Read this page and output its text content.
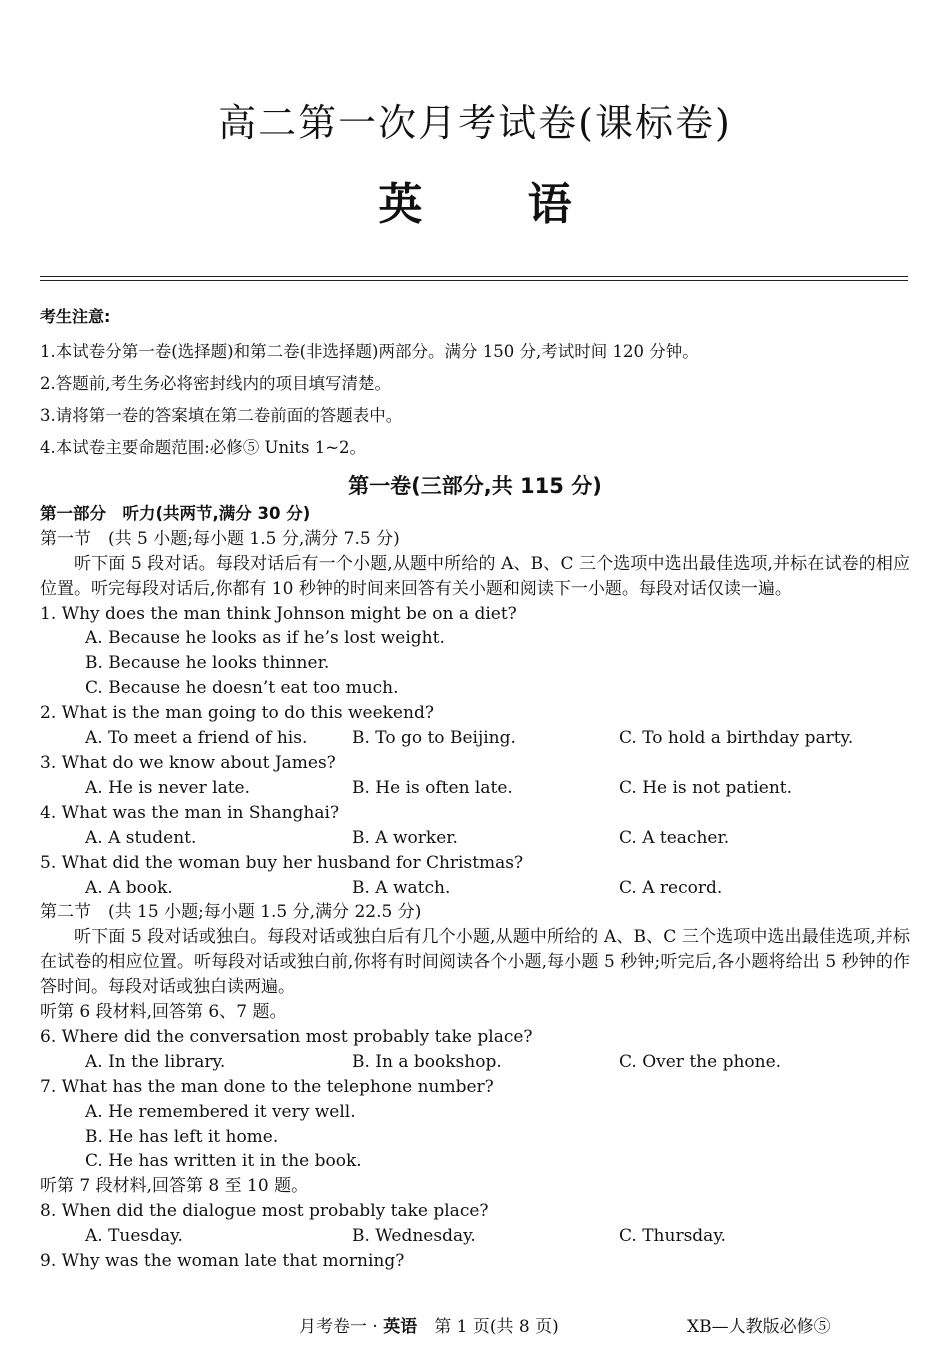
高二第一次月考试卷(课标卷)
英 语
考生注意:
1.本试卷分第一卷(选择题)和第二卷(非选择题)两部分。满分 150 分,考试时间 120 分钟。
2.答题前,考生务必将密封线内的项目填写清楚。
3.请将第一卷的答案填在第二卷前面的答题表中。
4.本试卷主要命题范围:必修⑤ Units 1~2。
第一卷(三部分,共 115 分)
第一部分　听力(共两节,满分 30 分)
第一节　(共 5 小题;每小题 1.5 分,满分 7.5 分)
听下面 5 段对话。每段对话后有一个小题,从题中所给的 A、B、C 三个选项中选出最佳选项,并标在试卷的相应位置。听完每段对话后,你都有 10 秒钟的时间来回答有关小题和阅读下一小题。每段对话仅读一遍。
1. Why does the man think Johnson might be on a diet?
A. Because he looks as if he’s lost weight.
B. Because he looks thinner.
C. Because he doesn’t eat too much.
2. What is the man going to do this weekend?
A. To meet a friend of his.	B. To go to Beijing.	C. To hold a birthday party.
3. What do we know about James?
A. He is never late.	B. He is often late.	C. He is not patient.
4. What was the man in Shanghai?
A. A student.	B. A worker.	C. A teacher.
5. What did the woman buy her husband for Christmas?
A. A book.	B. A watch.	C. A record.
第二节　(共 15 小题;每小题 1.5 分,满分 22.5 分)
听下面 5 段对话或独白。每段对话或独白后有几个小题,从题中所给的 A、B、C 三个选项中选出最佳选项,并标在试卷的相应位置。听每段对话或独白前,你将有时间阅读各个小题,每小题 5 秒钟;听完后,各小题将给出 5 秒钟的作答时间。每段对话或独白读两遍。
听第 6 段材料,回答第 6、7 题。
6. Where did the conversation most probably take place?
A. In the library.	B. In a bookshop.	C. Over the phone.
7. What has the man done to the telephone number?
A. He remembered it very well.
B. He has left it home.
C. He has written it in the book.
听第 7 段材料,回答第 8 至 10 题。
8. When did the dialogue most probably take place?
A. Tuesday.	B. Wednesday.	C. Thursday.
9. Why was the woman late that morning?
月考卷一 · 英语　第 1 页(共 8 页)	XB—人教版必修⑤
